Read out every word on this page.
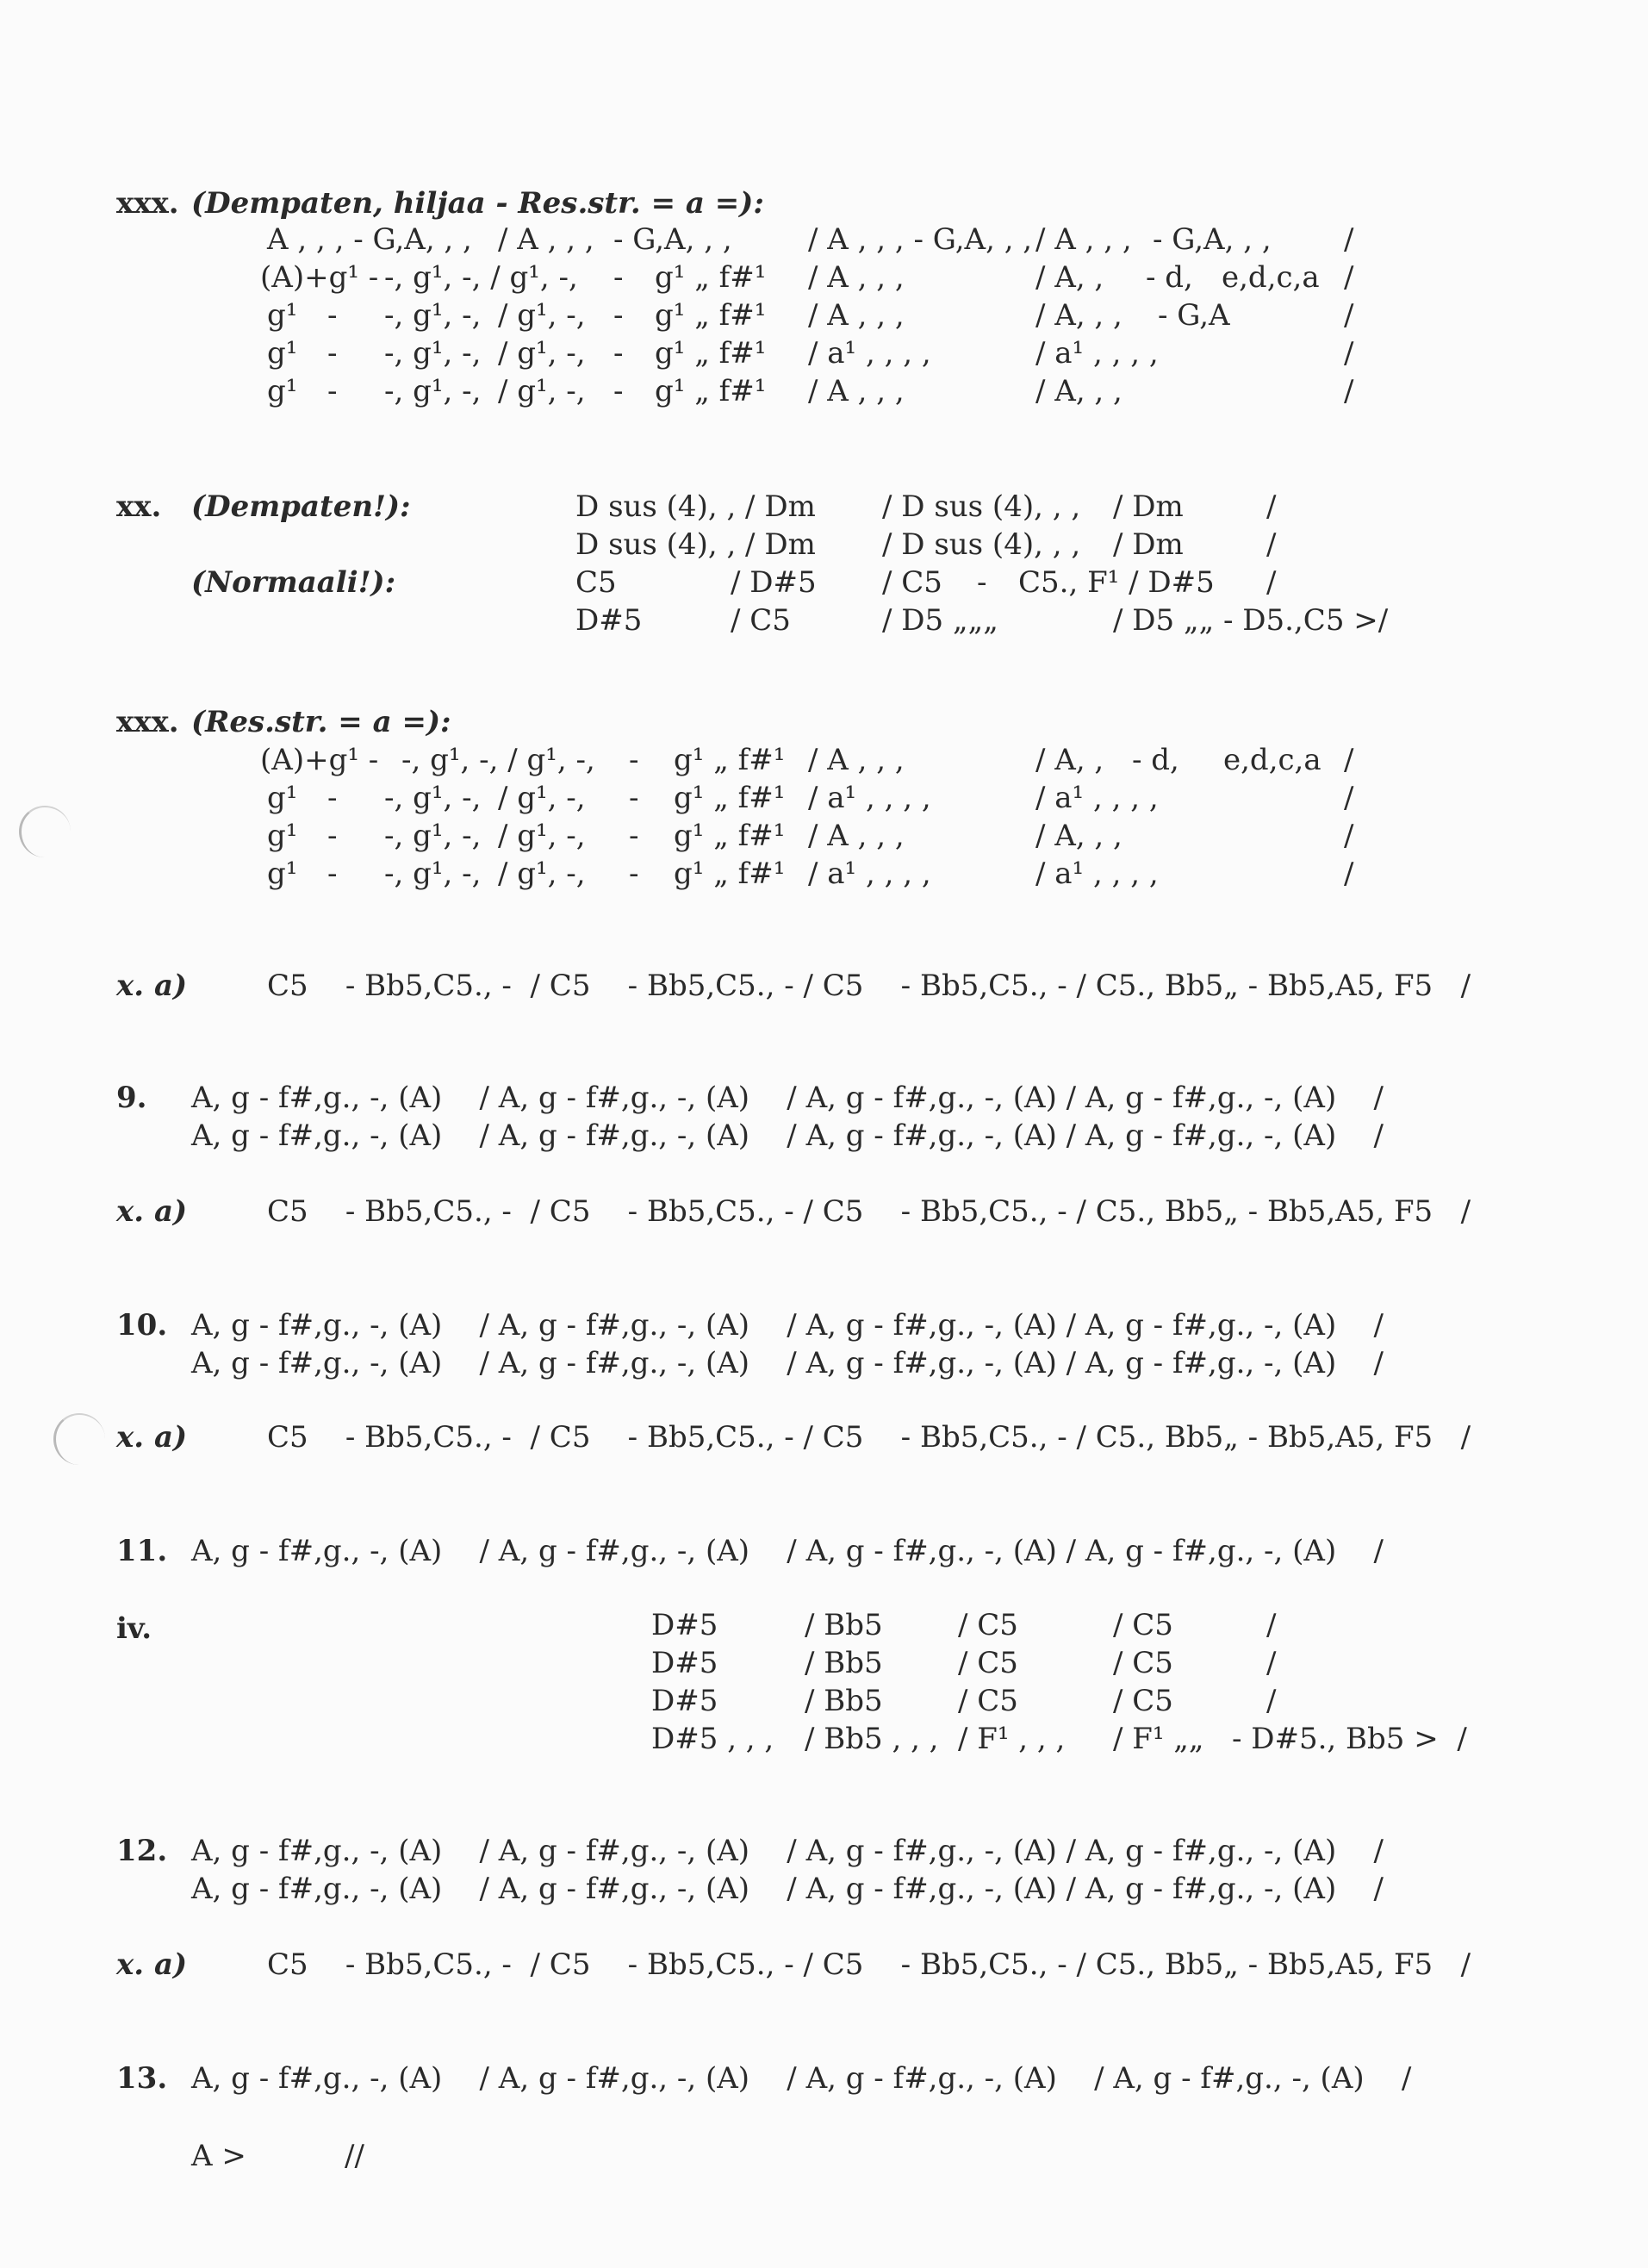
xxx. (Dempaten, hiljaa - Res.str. = a =):
A , , , - G,A, , , / A , , , - G,A, , ,	/ A , , , - G,A, , , / A , , , - G,A, , , /
(A)+g¹ - -, g¹, -, / g¹, -, - g¹ „ f#¹ / A , , ,	/ A, , - d, e,d,c,a /
g¹ - -, g¹, -, / g¹, -, - g¹ „ f#¹ / A , , ,	/ A, , , - G,A	/
g¹ - -, g¹, -, / g¹, -, - g¹ „ f#¹ / a¹ , , , ,	/ a¹ , , , ,	/
g¹ - -, g¹, -, / g¹, -, - g¹ „ f#¹ / A , , ,	/ A, , ,	/
xx. (Dempaten!):
(Normaali!):
D sus (4), , / Dm / D sus (4), , , / Dm	/
D sus (4), , / Dm / D sus (4), , , / Dm	/
C5	/ D#5 / C5 - C5., F¹ / D#5 /
D#5	/ C5	/ D5 „„„	/ D5 „„ - D5.,C5 >/
xxx. (Res.str. = a =):
(A)+g¹ - -, g¹, -, / g¹, -, - g¹ „ f#¹ / A , , ,	/ A, , - d, e,d,c,a /
g¹ - -, g¹, -, / g¹, -, - g¹ „ f#¹ / a¹ , , , ,	/ a¹ , , , ,	/
g¹ - -, g¹, -, / g¹, -, - g¹ „ f#¹ / A , , ,	/ A, , ,	/
g¹ - -, g¹, -, / g¹, -, - g¹ „ f#¹ / a¹ , , , ,	/ a¹ , , , ,	/
x. a)	C5    - Bb5,C5., -  / C5    - Bb5,C5., - / C5    - Bb5,C5., - / C5., Bb5„ - Bb5,A5, F5   /
9. A, g - f#,g., -, (A)    / A, g - f#,g., -, (A)    / A, g - f#,g., -, (A) / A, g - f#,g., -, (A)    /
A, g - f#,g., -, (A)    / A, g - f#,g., -, (A)    / A, g - f#,g., -, (A) / A, g - f#,g., -, (A)    /
x. a)	C5    - Bb5,C5., -  / C5    - Bb5,C5., - / C5    - Bb5,C5., - / C5., Bb5„ - Bb5,A5, F5   /
10. A, g - f#,g., -, (A)    / A, g - f#,g., -, (A)    / A, g - f#,g., -, (A) / A, g - f#,g., -, (A)    /
A, g - f#,g., -, (A)    / A, g - f#,g., -, (A)    / A, g - f#,g., -, (A) / A, g - f#,g., -, (A)    /
x. a)	C5    - Bb5,C5., -  / C5    - Bb5,C5., - / C5    - Bb5,C5., - / C5., Bb5„ - Bb5,A5, F5   /
11. A, g - f#,g., -, (A)    / A, g - f#,g., -, (A)    / A, g - f#,g., -, (A) / A, g - f#,g., -, (A)    /
iv.	D#5	/ Bb5	/ C5	/ C5	/
D#5	/ Bb5	/ C5	/ C5	/
D#5	/ Bb5	/ C5	/ C5	/
D#5 , , , / Bb5 , , , / F¹ , , , / F¹ „„   - D#5., Bb5 >  /
12. A, g - f#,g., -, (A)    / A, g - f#,g., -, (A)    / A, g - f#,g., -, (A) / A, g - f#,g., -, (A)    /
A, g - f#,g., -, (A)    / A, g - f#,g., -, (A)    / A, g - f#,g., -, (A) / A, g - f#,g., -, (A)    /
x. a)	C5    - Bb5,C5., -  / C5    - Bb5,C5., - / C5    - Bb5,C5., - / C5., Bb5„ - Bb5,A5, F5   /
13. A, g - f#,g., -, (A)    / A, g - f#,g., -, (A)    / A, g - f#,g., -, (A)    / A, g - f#,g., -, (A)    /
A >	//
